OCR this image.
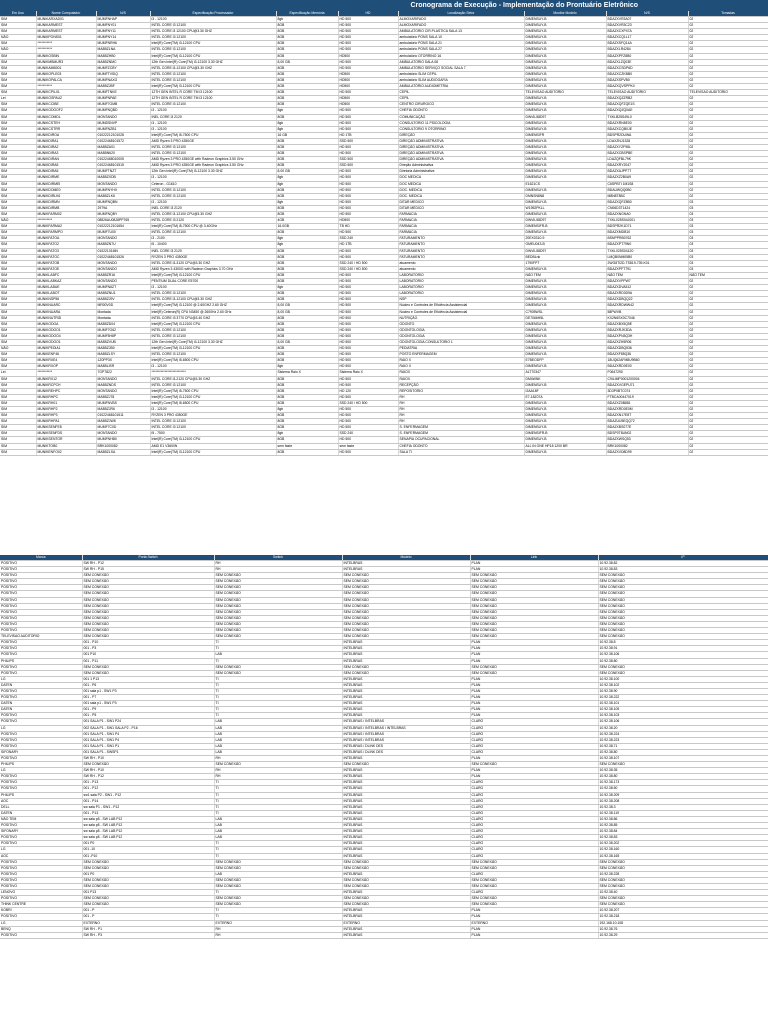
Cronograma de Execução - Implementação do Prontuário Eletrônico
Em Uso	Nome Computador	N/S	Especificação Processador	Especificação Memória	HD	Localização Setor	Monitor Modelo	N/S	Tomadas
SIM	MUNIKARXAD01	MUMFNHAP	i3 - 12100	8gb	HD 500	ALMOXARIFADO	DIMENSUY-B	BDAZXVR3A07	02
SIM	MUNIKARMEST	MUMFNY01	INTEL CORE I3 12100	8GB	HD 500	ALMOXARIFADO	DIMENSUY-B	BDAZXVR3C23	02
SIM	MUNIKARMEST	MUMFNY11	INTEL CORE i3 12100 CPU@3.30 GHZ	8GB	HD 500	AMBULATORIO CIR.PLASTICA SALA 13	DIMENSUY-B	BDAZXCXP47A	02
NÃO	MUNIKPONS01	MUMFNY14	INTEL CORE I3 12100	8GB	HD 500	ambulatório PONS SALA 10	DIMENSUY-B	BDAZXCQ1L17	02
SIM	***********	MUMFNRH6	Intel(R) Core(TM) i3-12100 CPU	8GB	HD 500	ambulatório PONS SALA 21	DIMENSUY-B	BDAZXSFQ14A	02
NÃO	***********	MAB5ZLNA	INTEL CORE I3 12100	8GB	HD 500	ambulatório PONS SALA 27	DIMENSUY-B	BDAZXLR4284	02
SIM	MUNIKOSBIN	MAB5ZHB0	Intel(R) Core(TM) i3-12100 CPU	8GB	HD500	ambulatório OTORRINO 16	DIMENSUY-B	BDAZXPFZ8B0	02
SIM	MUNIKMBMUR3	MAB5ZNMC	12th Gen Intel(R) Core(TM) i3-12100 3.30 GHZ	8,00 GB	HD 500	AMBULATORIO SALA 08	DIMENSUY-B	BDAZXLZQ03E	02
SIM	MUNIKAMB001	MUMFZCBY	INTEL CORE i3-12100 CPU@3.30 GHZ	8GB	HD 500	AMBULATÓRIO SERVIÇO SOCIAL SALA 7	DIMENSUY-B	BDAZXCSDP6D	02
SIM	MUNIKOPLE03	MUMFTVSIQ	INTEL CORE I3 12100	8GB	HD500	ambulatório SLIM CEPIL	DIMENSUY-B	BDAZXCZKBB0	02
SIM	MUNIKOPALCA	MUMFNAXG	INTEL CORE I3 12100	8GB	HD500	ambulatório SLIM AUDIOGAFIA	DIMENSUY-B	BDAZXSPVB0	02
SIM	***********	MAB5ZJBF	Intel(R) Core(TM) i3-12100 CPU	8GB	HD500	AMBULATÓRIO AUDIOMETRIA	DIMENSUY-B	BDAZXQVSPPK4	02
SIM	MUNIKCPIL01	MUMFTNKE	12TH GEN INTEL R CORE TM i3 12100	8GB	HD 500	CEPIL	TELEVISAO AUDITORIO	TELEVISAO AUDITORIO	TELEVISAO AUDITORIO
Lei	MUNIKOSPAU2	MUMFNPAE	12TH GEN INTEL R CORE TM i3 12100	8GB	HD500	CEPIL	DIMENSUY-B	BDAZXQZZRBZ	02
SIM	MUNIKCCIBE	MUMF7GMB	INTEL CORE I3 12100	8GB	HD500	CENTRO CIRURGICO	DIMENSUY-B	BDAZXQFZQE1S	02
SIM	MUNIKODOOF2	MUMFNQBD	i3 - 12100	8gb	HD 500	CHEFIA ODONTO	DIMENSUY-B	BDAZXQZQ0AE	02
SIM	MUNIKCOMDL	MONTANDO	INEL CORE i3 2120	8GB	HD 500	COMUNICAÇÃO	DWVIL58D97	TXKLB25S49L0	02
SIM	MUNIKCSTEH	MUMDSNVP	i3 - 12100	8gb	HD 500	CONSULTORIO 11 PSICOLOGIA	DIMENSUY-B	BDAZXRN5E00	02
SIM	MUNIKCSTRR	MUMFNZB1	i3 - 12100	8gb	HD 500	CONSULTORIO 9 OTORRINO	DIMENSUY-B	BDAZXCQB0JE	02
SIM	MUNIKDIROA	01022212101028	Intel(R) Core(TM) i5-7500 CPU	16 GB	HD 1TB	DIREÇÃO	DIMENSIFR	BDSPR2DUWA	02
SIM	MUNIKDIRA1	01022468101572	AMD Ryzen 3 PRO 4350GE	8GB	SSD 500	DIREÇÃO ADMINISTRATIVA	DIMENSUY-B	LDAXZNJ1328	02
SIM	MUNIKDIRA2	MAB5ZA01	INTEL CORE I3 12100	8GB	HD 500	DIREÇÃO ADMINISTRATIVA	DIMENSUY-B	BDAZXYZF98L	02
SIM	MUNIKDIRA3	MAB5N620	INTEL CORE I3 12100	8GB	HD 500	DIREÇÃO ADMINISTRATIVA	DIMENSUY-B	BDAZXCBSPBE	02
SIM	MUNIKDIRAN	01022468010005	AMD Ryzen 3 PRO 4350GE with Radeon Graphics 3.50 GHz	8GB	SSD 500	DIREÇÃO ADMINISTRATIVA	DIMENSUY-B	LDAZQFBL79K	02
SIM	MUNIKDIRA5	01022468101515	AMD Ryzen 3 PRO 4350GE with Radeon Graphics 3.50 GHz	8GB	SSD 500	Direção Administrativa	DIMENSUY-B	BDAZXRY2047	02
SIM	MUNIKDIRA5	MUMFTNZT	12th Gen Intel(R) Core(TM) i3-12100 3.30 GHZ	8,00 GB	HD 500	Diretoria Administrativa	DIMENSUY-B	BDAZXAJPP7T	02
SIM	MUNIKDIRME	MAB5ZXDB	i3 - 12100	8gb	HD 500	DOC MEDICA	DIMENSUY-B	BDAZXZ2B0A9	02
SIM	MUNIKDIRMEI	MONTANDO	Celeron - G1610	8gb	HD 500	DOC MEDICA	E1621CS	C6SPBTI 1M1S8	02
SIM	MUNIKDOME0	MUMFNYHX	INTEL CORE I3 12100	8GB	HD 500	DOC. MEDICA	DIMENSUY-B	BDAUWQQ0B0	02
SIM	MUNIKDIRLK6	MAB5ZLK6	INTEL CORE I3 12100	8GB	HD 500	DOC. MEDICA	DMNSN8N8	M8N8T8BC	02
SIM	MUNIKDIRMN	MUMFNQBN	i3 - 12100	8gb	HD 500	DITAR MEDICO	DIMENSUY-B	BDAZXQFZ8B0	03
SIM	MUNIKDIRMB	2979A	INEL CORE i3 2120	8GB	HD 500	DITAR MÉDICO	W1952PKLL	CN06D3T1424	03
SIM	MUNIKFARM02	MUMFNQBY	INTEL CORE i3-12100 CPU@3.30 GHZ	8GB	HD 500	FARMACIA	DIMENSUY-B	BDAZXNGNA0	03
NÃO	***********	08826AU08J8PP765	INTEL CORE I3 2120	4GB	HD500	FARMACIA	DWVIL58D97	TXKL025S04J001	03
SIM	MUNIKFARMA2	01022212101654	Intel(R) Core(TM) i5-7500 CPU @ 3.40GHz	16.0GB	TB HD	FARMACIA	DIMENSIFR-B	BDSPR2K1D71	03
SIM	MUNIKFARMPO	MUMF7U00	INTEL CORE I3 12100	8GB	HD 500	FARMÁCIA	DIMENSUY-B	BDAZXMDB10	03
SIM	MUNIKFATOA	MONTANDO	i3 - 2100	8gb	SSD 240	FATURAMENTO	20EX0310-9	BSNPPRB0762	03
SIM	MUNIKFATO2	MAB5ZN7U	i5 - 10400	8gb	HD 1TB	FATURAMENTO	GMEU043-B	BDAZXPT79N0	03
SIM	MUNIKFATO3	01022101MN	INEL CORE i3 2120	8GB	HD 500	FATURAMENTO	DWVIL58D97	TXKL025S04120	03
SIM	MUNIKFATOC	01022468101526	RYZEN 3 PRO 4350GE	8GB	HD 500	FATURAMENTO	BEDBLnk	LMQB0NM05B0	03
SIM	MUNIKFATOB	MONTANDO	INTEL CORE i3-3120 CPU@3.30 GHZ	8GB	SSD 240 / HD 500	atuamento	1790FPT	2WG8TI2D-TS819-739-K01	03
SIM	MUNIKFATOE	MONTANDO	AMD Ryzen 3 4300G with Radeon Graphics 3.70 GHz	8GB	SSD 240 / HD 500	atuamento	DIMENSUY-B	BDAZXPFT791	03
SIM	MUNIKLABFC	MAB5ZR16	Intel(R) Core(TM) i3-12100 CPU	8GB	HD 500	LABORATORIO	NÃO TEM	NÃO TEM	NÃO TEM
SIM	MUNIKLABKAZ	MONTANDO	PENTIUM DUAL CORE E5700	8GB	HD 500	LABORATORIO	DIMENSUY-B	BDAZXVPPW7	02
SIM	MUNIKLABUE	MUMFN6ZT	i3 - 12100	8gb	HD 500	LABORATORIO	DIMENSUY-B	BDAZXDVA512	02
SIM	MUNIKLABOT	MAB5ZNU1	INTEL CORE I3 12100	8GB	HD 500	LABORATORIO	DIMENSUY-B	BDAZXRD0D9A	02
SIM	MUNIKNSP56	MAB5ZJ9V	INTEL CORE i3-12100 CPU@3.30 GHZ	8GB	HD 500	NSP	DIMENSUY-B	BDAZXDBQQ22	02
SIM	MUNIKNUARC	MR00V0D	Intel(R) Core(TM) i3-12100 @ 2.60GHZ 2.60 GHZ	8,00 GB	HD 500	Núcleo e Controles de Eficiência Assistencial	DIMENSUY-B	BDAZXRDWW42	02
SIM	MUNIKNUARA	Montada	Intel(R) Celeron(R) CPU N3450 @ 2600Hz 2.60 GHz	8,00 GB	HD 500	Núcleo e Controles de Eficiência Assistencial	C7905WSL	58PWVB	02
SIM	MUNIKNUTRID	Montada	INTEL CORE I3 3770 CPU@3.40 GHZ	8GB	HD 500	NUTRIÇÃO	DE7066H5L	KX2N6SX0C7046	02
SIM	MUNIKODOA	MAB5ZD04	Intel(R) Core(TM) i3-12100 CPU	8GB	HD 500	ODONTO	DIMENSUY-B	BDAZXBX5Q5E	02
SIM	MUNIKODOO1	MUMF7G62	INTEL CORE I3 12100	8GB	HD 500	ODONTOLOGIA	DIMENSUY-B	BDAZXRJK3DA	02
SIM	MUNIKODOO4	MUMF5H8P	INTEL CORE I3 12100	8GB	HD 500	ODONTOLOGIA	DIMENSUY-B	BDAZXPN3Q3H	02
SIM	MUNIKODOO1	MAB5ZVUB	12th Gen Intel(R) Core(TM) i3-12100 3.30 GHZ	8,00 GB	HD 500	ODONTOLOGIA CONSULTORIO 1	DIMENSUY-B	BDAZXZH5R06	02
NÃO	MUNIKPEDIA1	MAB5ZJB0	Intel(R) Core(TM) i3-12100 CPU	8GB	HD 500	PEDIATRIA	DIMENSUY-B	BDAZXDBQ536	02
SIM	MUNIKENF46	MAB5ZLSY	INTEL CORE I3 12100	8GB	HD 500	POSTO ENFERMAGEM	DIMENSUY-B	BDAZXF85Q36	02
SIM	MUNIKRXE4	1Z0PP3X	Intel(R) Core(TM) i5-6500 CPU	8GB	HD 500	RAIO X	E7BEODFP	18UQ62AFM8U9B60	02
SIM	MUNIKRXOP	MAB5LISR	i3 - 12100	8gb	HD 500	RAIO X	DIMENSUY-B	BDAZXRD0E00	02
Lei	***********	7GP7822	**************************	Sistema Raio X	Sistema Raio X	RAIOX	ALT70347	F0647290	02
SIM	MUNIKRX12	MONTANDO	INTEL CORE i3-2120 CPU@3.30 GHZ	8GB	HD 500	RAIOX	DM4WNK	C9ILIMP0001200004	02
SIM	MUNIKRCPCH	MAB5ZNDS	INTEL CORE I3 12100	8GB	HD 500	RECEPÇÃO	DIMENSUY-B	BDAZXVGEPU71	02
SIM	MUNIKREHPC	MONTANDO	Intel(R) Core(TM) i5-7500 CPU	8GB	HD 120	REPOSITORIO	I2AA18F	3D3P0BTC074	02
SIM	MUNIKRHPC	MAB5ZJ78	Intel(R) Core(TM) i3-12100 CPU	8GB	HD 500	RH	E7-18Z07A	FTBCA00447019	02
SIM	MUNIKRH01	MUMFNVBS	Intel(R) Core(TM) i5-6500 CPU	8GB	SSD 240 / HD 500	RH	DIMENSUY-B	BDAZXZ0B881	02
SIM	MUNIKRHP2	MAB5ZJR6	i3 - 12100	8gb	HD 500	RH	DIMENSUY-B	BDAZXRD0E0M	02
SIM	MUNIKRHP3	01022468101511	RYZEN 3 PRO 4350GE	8GB	HD 500	RH	DIMENSUY-B	BDAZXN17E8T	02
SIM	MUNIKRHPA1	MAB5ZJW8	INTEL CORE I3 12100	8GB	HD 500	RH	DIMENSUY-B	BDAZUU5EQQ72	02
SIM	MUNIKSENFE8	MUMF7C0D	INTEL CORE I3 12100	8GB	HD 500	S. ENFERMAGEM	DIMENSUY-B	BDAZXBS077E	02
SIM	MUNIKSENFDS	MONTANDO	i5 - 7500	8gb	SSD 240	S. ENFERMAGEM	DIMENSIFR-B	BDSP0T8UN02	02
SIM	MUNIKSENTOR	MUMFNHB0	Intel(R) Core(TM) i3-12100 CPU	8GB	HD 500	SENAPIA OCUPACIONAL	DIMENSUY-B	BDAZXWSQ53	02
SIM	MUNIKTOB0	BRK1000082	AMD E1 V3600N	sem faste	sem faste	CHEFIA ODONTO	ALL IN ONE HP18 1200 BR	BRK1000082	02
SIM	MUNIKENFO02	MAB5ZLSA	Intel(R) Core(TM) i3-12100 CPU	8GB	HD 500	SALA TI	DIMENSUY-B	BDAZXVD8D99	02
Marca	Porta Switch	Switch	Modelo	Link	IP
POSITIVO	SW RH - P12	RH	INTELBRAS	PLAN	10.92.38.82
POSITIVO	SW RH - P15	RH	INTELBRAS	PLAN	10.92.38.83
POSITIVO	SEM CONEXÃO	SEM CONEXÃO	SEM CONEXÃO	SEM CONEXÃO	SEM CONEXÃO
POSITIVO	SEM CONEXÃO	SEM CONEXÃO	SEM CONEXÃO	SEM CONEXÃO	SEM CONEXÃO
POSITIVO	SEM CONEXÃO	SEM CONEXÃO	SEM CONEXÃO	SEM CONEXÃO	SEM CONEXÃO
POSITIVO	SEM CONEXÃO	SEM CONEXÃO	SEM CONEXÃO	SEM CONEXÃO	SEM CONEXÃO
POSITIVO	SEM CONEXÃO	SEM CONEXÃO	SEM CONEXÃO	SEM CONEXÃO	SEM CONEXÃO
POSITIVO	SEM CONEXÃO	SEM CONEXÃO	SEM CONEXÃO	SEM CONEXÃO	SEM CONEXÃO
POSITIVO	SEM CONEXÃO	SEM CONEXÃO	SEM CONEXÃO	SEM CONEXÃO	SEM CONEXÃO
POSITIVO	SEM CONEXÃO	SEM CONEXÃO	SEM CONEXÃO	SEM CONEXÃO	SEM CONEXÃO
POSITIVO	SEM CONEXÃO	SEM CONEXÃO	SEM CONEXÃO	SEM CONEXÃO	SEM CONEXÃO
POSITIVO	SEM CONEXÃO	SEM CONEXÃO	SEM CONEXÃO	SEM CONEXÃO	SEM CONEXÃO
TELEVISAO AUDITORIO	SEM CONEXÃO	SEM CONEXÃO	SEM CONEXÃO	SEM CONEXÃO	SEM CONEXÃO
POSITIVO	001 - P10	TI	INTELBRAS	PLAN	10.92.38.8
POSITIVO	001 - P3	TI	INTELBRAS	PLAN	10.92.38.91
POSITIVO	001 P10	LAB	INTELBRAS	PLAN	10.92.38.106
PHILIPS	001 - P11	TI	INTELBRAS	PLAN	10.92.38.80
POSITIVO	SEM CONEXÃO	SEM CONEXÃO	SEM CONEXÃO	SEM CONEXÃO	SEM CONEXÃO
POSITIVO	SEM CONEXÃO	SEM CONEXÃO	SEM CONEXÃO	SEM CONEXÃO	SEM CONEXÃO
LG	001 1 P13	TI	INTELBRAS	PLAN	10.92.38.100
DATEN	001 - P6	TI	INTELBRAS	PLAN	10.92.38.102
POSITIVO	001 sala p1 - SW1 P3	TI	INTELBRAS	PLAN	10.92.38.90
POSITIVO	001 - P7	TI	INTELBRAS	PLAN	10.92.38.222
DATEN	001 sala p1 - SW1 P3	TI	INTELBRAS	PLAN	10.92.38.101
DATEN	001 - P9	TI	INTELBRAS	PLAN	10.92.38.105
POSITIVO	001 - P5	TI	INTELBRAS	PLAN	10.92.38.103
POSITIVO	001 SALA P1 - SW1 P24	LAB	INTELBRAS / INTELBRAS	CLARO	10.92.38.106
LG	002 SALA P1 - SW1 SALA P2 - P16	LAB	INTELBRAS / INTELBRAS / INTELBRAS	CLARO	10.92.38.20
POSITIVO	001 SALA P1 - SW1 P4	LAB	INTELBRAS / INTELBRAS	CLARO	10.92.38.224
POSITIVO	001 SALA P1 - SW1 P4	LAB	INTELBRAS / INTELBRAS	CLARO	10.92.38.223
POSITIVO	001 SALA P1 - SW1 P1	LAB	INTELBRAS / DLINK DES	CLARO	10.92.38.71
SIFONARY	001 SALA P1 - SWSP1	LAB	INTELBRAS / DLINK DES	CLARO	10.92.38.80
POSITIVO	SW RH - P10	RH	INTELBRAS	PLAN	10.92.38.107
PHILIPS	SEM CONEXÃO	SEM CONEXÃO	SEM CONEXÃO	SEM CONEXÃO	SEM CONEXÃO
LG	SW RH - P10	RH	INTELBRAS	PLAN	10.92.38.35
POSITIVO	SW RH - P12	RH	INTELBRAS	PLAN	10.92.38.80
POSITIVO	001 - P13	TI	INTELBRAS	CLARO	10.92.38.173
POSITIVO	001 - P12	TI	INTELBRAS	CLARO	10.92.38.50
PHILIPS	sw1 sala P2 - SW1 - P12	TI	INTELBRAS	CLARO	10.92.38.209
AOC	001 - P14	TI	INTELBRAS	CLARO	10.92.38.208
DELL	sw sala P1 - SW1 - P12	TI	INTELBRAS	CLARO	10.92.38.3
DATEN	001 - P13	TI	INTELBRAS	CLARO	10.92.38.119
NÃO TEM	sw sala p8 - SW LAB P12	LAB	INTELBRAS	CLARO	10.92.38.86
POSITIVO	sw sala p8 - SW LAB P12	LAB	INTELBRAS	CLARO	10.92.38.85
SIFONARY	sw sala p8 - SW LAB P12	LAB	INTELBRAS	CLARO	10.92.38.84
POSITIVO	sw sala p8 - SW LAB P12	LAB	INTELBRAS	CLARO	10.92.38.83
POSITIVO	001 P0	TI	INTELBRAS	CLARO	10.92.38.202
LG	001 -10	TI	INTELBRAS	CLARO	10.92.38.160
AOC	001 -P10	TI	INTELBRAS	CLARO	10.92.38.165
POSITIVO	SEM CONEXÃO	SEM CONEXÃO	SEM CONEXÃO	SEM CONEXÃO	SEM CONEXÃO
POSITIVO	SEM CONEXÃO	SEM CONEXÃO	SEM CONEXÃO	SEM CONEXÃO	SEM CONEXÃO
POSITIVO	001 P0	LAB	INTELBRAS	CLARO	10.92.38.228
POSITIVO	SEM CONEXÃO	SEM CONEXÃO	SEM CONEXÃO	SEM CONEXÃO	SEM CONEXÃO
POSITIVO	SEM CONEXÃO	SEM CONEXÃO	SEM CONEXÃO	SEM CONEXÃO	SEM CONEXÃO
LENOVO	001 P13	TI	INTELBRAS	CLARO	10.92.38.40
POSITIVO	SEM CONEXÃO	SEM CONEXÃO	SEM CONEXÃO	SEM CONEXÃO	SEM CONEXÃO
THINK CENTRE	SEM CONEXÃO	SEM CONEXÃO	SEM CONEXÃO	SEM CONEXÃO	SEM CONEXÃO
KOBRI	001 - P	TI	INTELBRAS	PLAN	10.92.38.207
POSITIVO	001 - P	TI	INTELBRAS	PLAN	10.92.38.218
LG	EXTERNO	EXTERNO	EXTERNO	EXTERNO	192.168.10.108
BENQ	SW RH - P1	RH	INTELBRAS	PLAN	10.92.38.76
POSITIVO	SW RH - P3	RH	INTELBRAS	PLAN	10.92.38.29
